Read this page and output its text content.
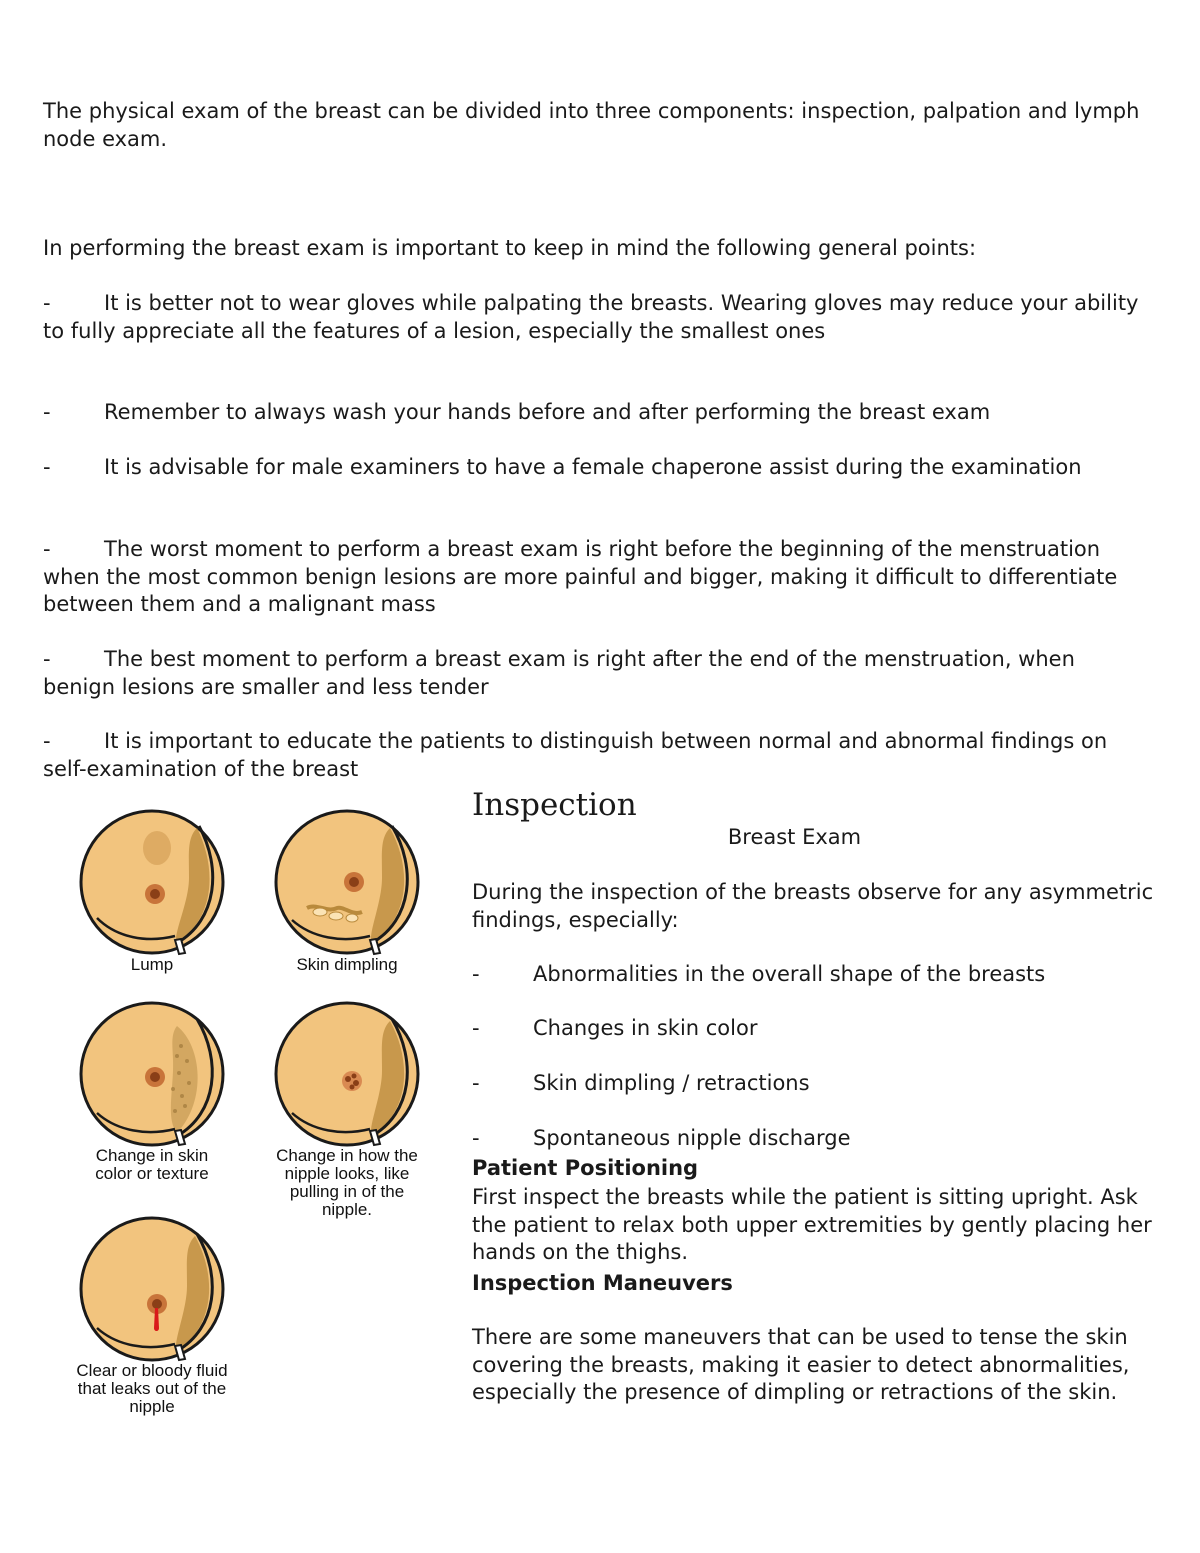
The physical exam of the breast can be divided into three components: inspection, palpation and lymph node exam.

In performing the breast exam is important to keep in mind the following general points:

-	It is better not to wear gloves while palpating the breasts. Wearing gloves may reduce your ability to fully appreciate all the features of a lesion, especially the smallest ones

-	Remember to always wash your hands before and after performing the breast exam

-	It is advisable for male examiners to have a female chaperone assist during the examination

-	The worst moment to perform a breast exam is right before the beginning of the menstruation when the most common benign lesions are more painful and bigger, making it difficult to differentiate between them and a malignant mass

-	The best moment to perform a breast exam is right after the end of the menstruation, when benign lesions are smaller and less tender

-	It is important to educate the patients to distinguish between normal and abnormal findings on self-examination of the breast

Lump	Skin dimpling
Change in skin color or texture
Change in how the nipple looks, like pulling in of the nipple.
Clear or bloody fluid that leaks out of the nipple

Inspection

Breast Exam

During the inspection of the breasts observe for any asymmetric findings, especially:

-	Abnormalities in the overall shape of the breasts

-	Changes in skin color

-	Skin dimpling / retractions

-	Spontaneous nipple discharge

Patient Positioning

First inspect the breasts while the patient is sitting upright. Ask the patient to relax both upper extremities by gently placing her hands on the thighs.

Inspection Maneuvers

There are some maneuvers that can be used to tense the skin covering the breasts, making it easier to detect abnormalities, especially the presence of dimpling or retractions of the skin.
